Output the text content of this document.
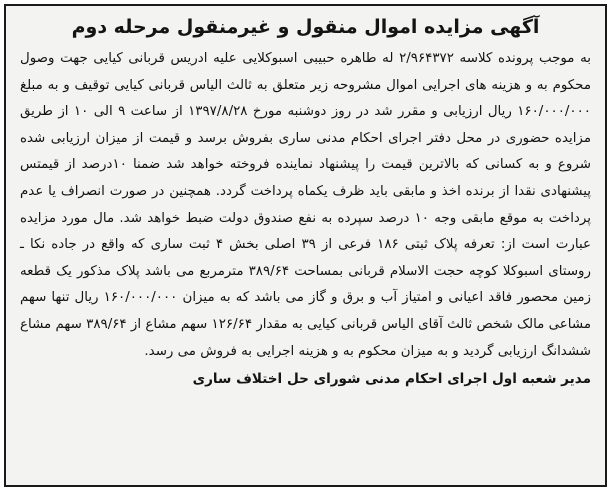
آگهی مزایده اموال منقول و غیرمنقول مرحله دوم

به موجب پرونده کلاسه ۲/۹۶۴۳۷۲ له طاهره حبیبی اسبوکلایی علیه ادریس قربانی کیایی جهت وصول محکوم به و هزینه های اجرایی اموال مشروحه زیر متعلق به ثالث الیاس قربانی کیایی توقیف و به مبلغ ۱۶۰/۰۰۰/۰۰۰ ریال ارزیابی و مقرر شد در روز دوشنبه مورخ ۱۳۹۷/۸/۲۸ از ساعت ۹ الی ۱۰ از طریق مزایده حضوری در محل دفتر اجرای احکام مدنی ساری بفروش برسد و قیمت از میزان ارزیابی شده شروع و به کسانی که بالاترین قیمت را پیشنهاد نماینده فروخته خواهد شد ضمنا ۱۰درصد از قیمتس پیشنهادی نقدا از برنده اخذ و مابقی باید ظرف یکماه پرداخت گردد. همچنین در صورت انصراف یا عدم پرداخت به موقع مابقی وجه ۱۰ درصد سپرده به نفع صندوق دولت ضبط خواهد شد. مال مورد مزایده عبارت است از: تعرفه پلاک ثبتی ۱۸۶ فرعی از ۳۹ اصلی بخش ۴ ثبت ساری که واقع در جاده نکا ـ روستای اسبوکلا کوچه حجت الاسلام قربانی بمساحت ۳۸۹/۶۴ مترمربع می باشد پلاک مذکور یک قطعه زمین محصور فاقد اعیانی و امتیاز آب و برق و گاز می باشد که به میزان ۱۶۰/۰۰۰/۰۰۰ ریال تنها سهم مشاعی مالک شخص ثالث آقای الیاس قربانی کیایی به مقدار ۱۲۶/۶۴ سهم مشاع از ۳۸۹/۶۴ سهم مشاع ششدانگ ارزیابی گردید و به میزان محکوم به و هزینه اجرایی به فروش می رسد.

مدیر شعبه اول اجرای احکام مدنی شورای حل اختلاف ساری
